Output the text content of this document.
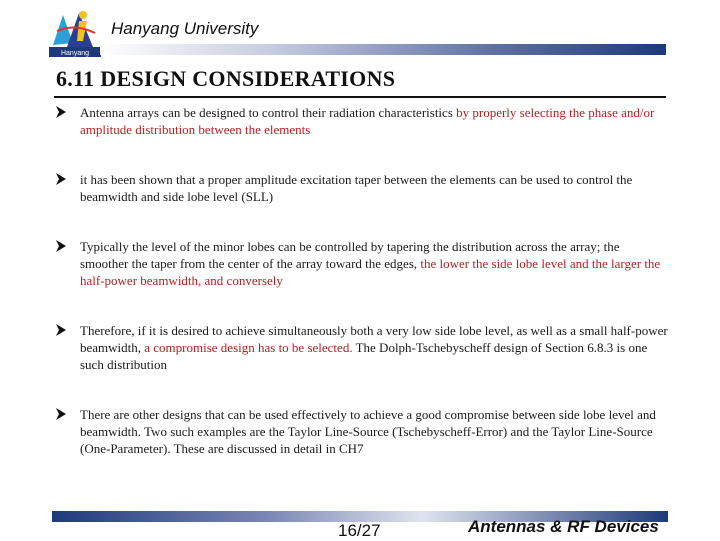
Hanyang
Hanyang University
6.11 DESIGN CONSIDERATIONS
Antenna arrays can be designed to control their radiation characteristics by properly selecting the phase and/or amplitude distribution between the elements
it has been shown that a proper amplitude excitation taper between the elements can be used to control the beamwidth and side lobe level (SLL)
Typically the level of the minor lobes can be controlled by tapering the distribution across the array; the smoother the taper from the center of the array toward the edges, the lower the side lobe level and the larger the half-power beamwidth, and conversely
Therefore, if it is desired to achieve simultaneously both a very low side lobe level, as well as a small half-power beamwidth, a compromise design has to be selected. The Dolph-Tschebyscheff design of Section 6.8.3 is one such distribution
There are other designs that can be used effectively to achieve a good compromise between side lobe level and beamwidth. Two such examples are the Taylor Line-Source (Tschebyscheff-Error) and the Taylor Line-Source (One-Parameter). These are discussed in detail in CH7
16/27	Antennas & RF Devices
